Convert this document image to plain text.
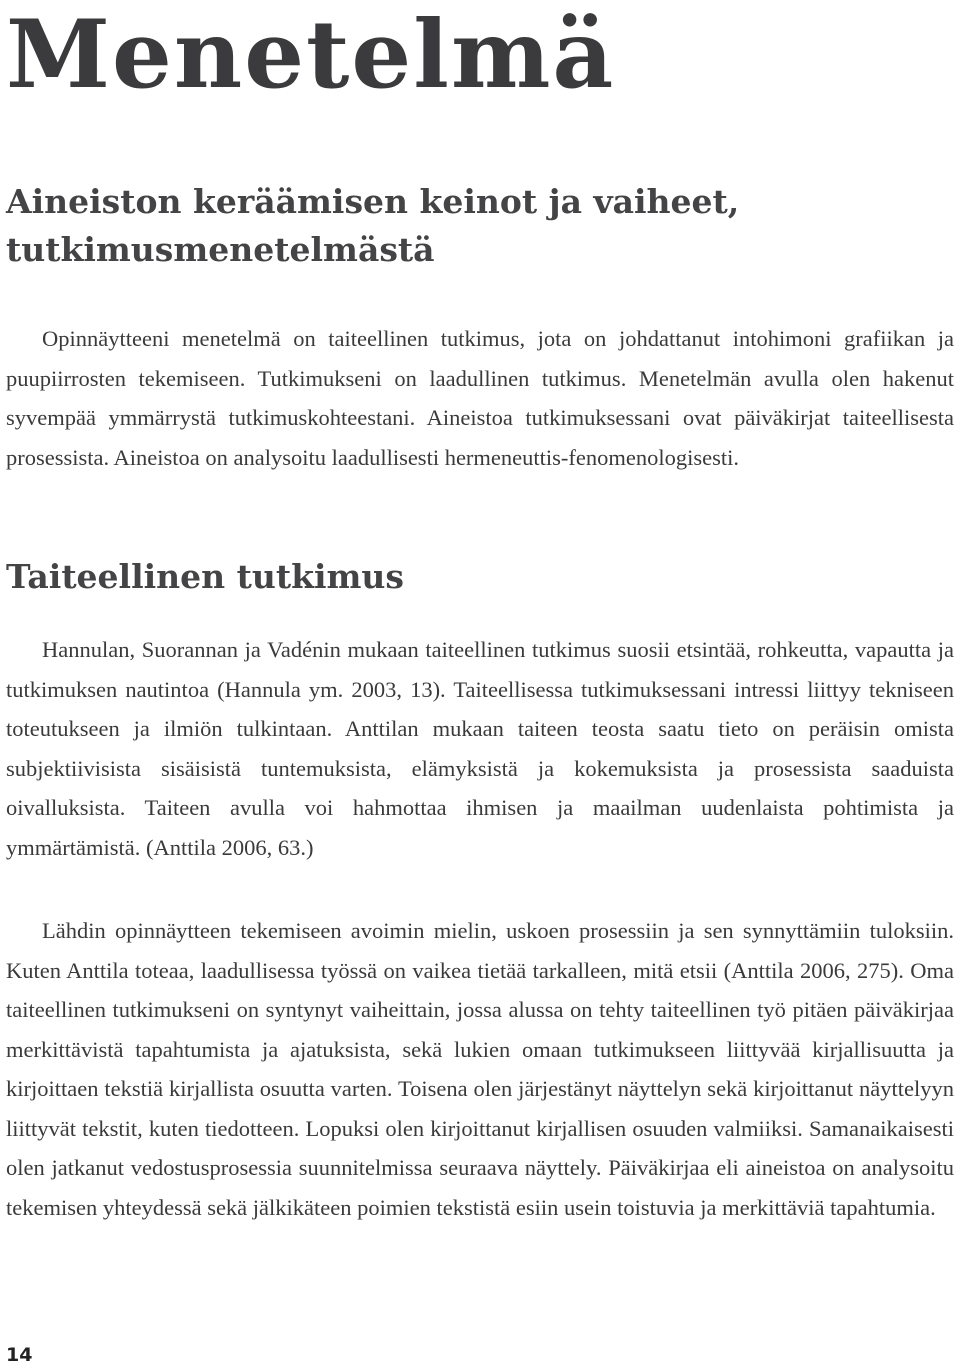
Menetelmä
Aineiston keräämisen keinot ja vaiheet, tutkimusmenetelmästä

Opinnäytteeni menetelmä on taiteellinen tutkimus, jota on johdattanut intohimoni grafiikan ja puupiirrosten tekemiseen. Tutkimukseni on laadullinen tutkimus. Menetelmän avulla olen hakenut syvempää ymmärrystä tutkimuskohteestani. Aineistoa tutkimuksessani ovat päiväkirjat taiteellisesta prosessista. Aineistoa on analysoitu laadullisesti hermeneuttis-fenomenologisesti.

Taiteellinen tutkimus

Hannulan, Suorannan ja Vadénin mukaan taiteellinen tutkimus suosii etsintää, rohkeutta, vapautta ja tutkimuksen nautintoa (Hannula ym. 2003, 13). Taiteellisessa tutkimuksessani intressi liittyy tekniseen toteutukseen ja ilmiön tulkintaan. Anttilan mukaan taiteen teosta saatu tieto on peräisin omista subjektiivisista sisäisistä tuntemuksista, elämyksistä ja kokemuksista ja prosessista saaduista oivalluksista. Taiteen avulla voi hahmottaa ihmisen ja maailman uudenlaista pohtimista ja ymmärtämistä. (Anttila 2006, 63.)

Lähdin opinnäytteen tekemiseen avoimin mielin, uskoen prosessiin ja sen synnyttämiin tuloksiin. Kuten Anttila toteaa, laadullisessa työssä on vaikea tietää tarkalleen, mitä etsii (Anttila 2006, 275). Oma taiteellinen tutkimukseni on syntynyt vaiheittain, jossa alussa on tehty taiteellinen työ pitäen päiväkirjaa merkittävistä tapahtumista ja ajatuksista, sekä lukien omaan tutkimukseen liittyvää kirjallisuutta ja kirjoittaen tekstiä kirjallista osuutta varten. Toisena olen järjestänyt näyttelyn sekä kirjoittanut näyttelyyn liittyvät tekstit, kuten tiedotteen. Lopuksi olen kirjoittanut kirjallisen osuuden valmiiksi. Samanaikaisesti olen jatkanut vedostusprosessia suunnitelmissa seuraava näyttely. Päiväkirjaa eli aineistoa on analysoitu tekemisen yhteydessä sekä jälkikäteen poimien tekstistä esiin usein toistuvia ja merkittäviä tapahtumia.

14
